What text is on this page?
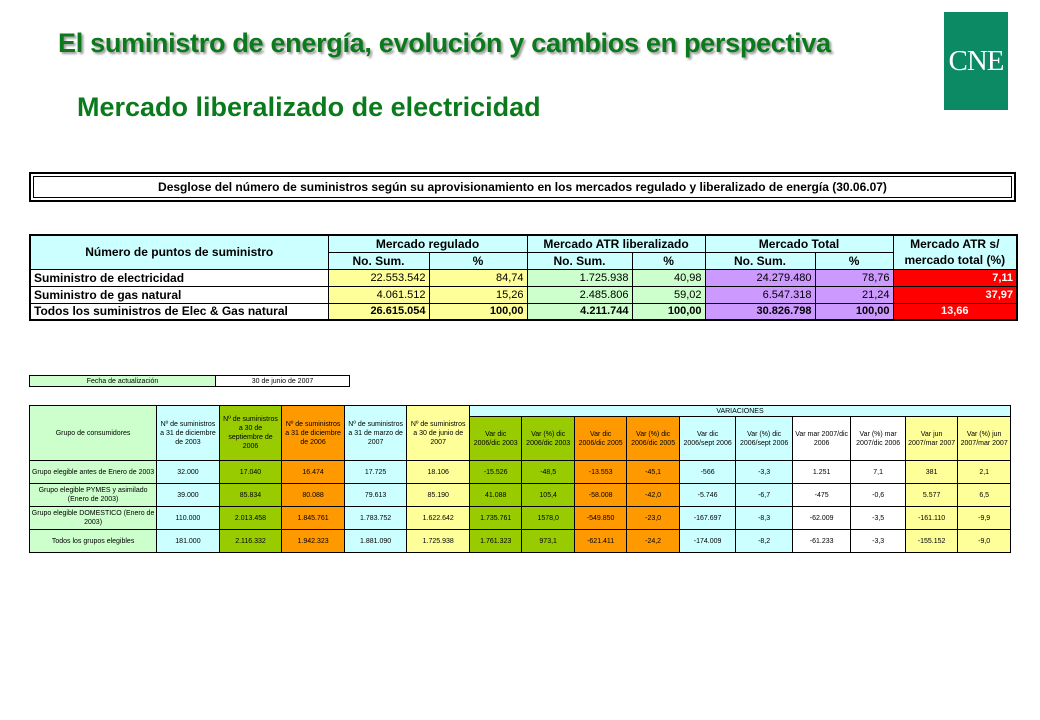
El suministro de energía, evolución y cambios en perspectiva
Mercado liberalizado de electricidad
CNE
Desglose del número de suministros según su aprovisionamiento en los mercados regulado y liberalizado de energía (30.06.07)
Número de puntos de suministro	Mercado regulado		Mercado ATR liberalizado		Mercado Total		Mercado ATR s/ mercado total (%)
	No. Sum.	%	No. Sum.	%	No. Sum.	%	
Suministro de electricidad	22.553.542	84,74	1.725.938	40,98	24.279.480	78,76	7,11
Suministro de gas natural	4.061.512	15,26	2.485.806	59,02	6.547.318	21,24	37,97
Todos los suministros de Elec & Gas natural	26.615.054	100,00	4.211.744	100,00	30.826.798	100,00	13,66
Fecha de actualización	30 de junio de 2007
Grupo de consumidores	Nº de suministros a 31 de diciembre de 2003	Nº de suministros a 30 de septiembre de 2006	Nº de suministros a 31 de diciembre de 2006	Nº de suministros a 31 de marzo de 2007	Nº de suministros a 30 de junio de 2007	VARIACIONES									
						Var dic 2006/dic 2003	Var (%) dic 2006/dic 2003	Var dic 2006/dic 2005	Var (%) dic 2006/dic 2005	Var dic 2006/sept 2006	Var (%) dic 2006/sept 2006	Var mar 2007/dic 2006	Var (%) mar 2007/dic 2006	Var jun 2007/mar 2007	Var (%) jun 2007/mar 2007
Grupo elegible antes de Enero de 2003	32.000	17.040	16.474	17.725	18.106	-15.526	-48,5	-13.553	-45,1	-566	-3,3	1.251	7,1	381	2,1
Grupo elegible PYMES y asimilado (Enero de 2003)	39.000	85.834	80.088	79.613	85.190	41.088	105,4	-58.008	-42,0	-5.746	-6,7	-475	-0,6	5.577	6,5
Grupo elegible DOMESTICO (Enero de 2003)	110.000	2.013.458	1.845.761	1.783.752	1.622.642	1.735.761	1578,0	-549.850	-23,0	-167.697	-8,3	-62.009	-3,5	-161.110	-9,9
Todos los grupos elegibles	181.000	2.116.332	1.942.323	1.881.090	1.725.938	1.761.323	973,1	-621.411	-24,2	-174.009	-8,2	-61.233	-3,3	-155.152	-9,0
